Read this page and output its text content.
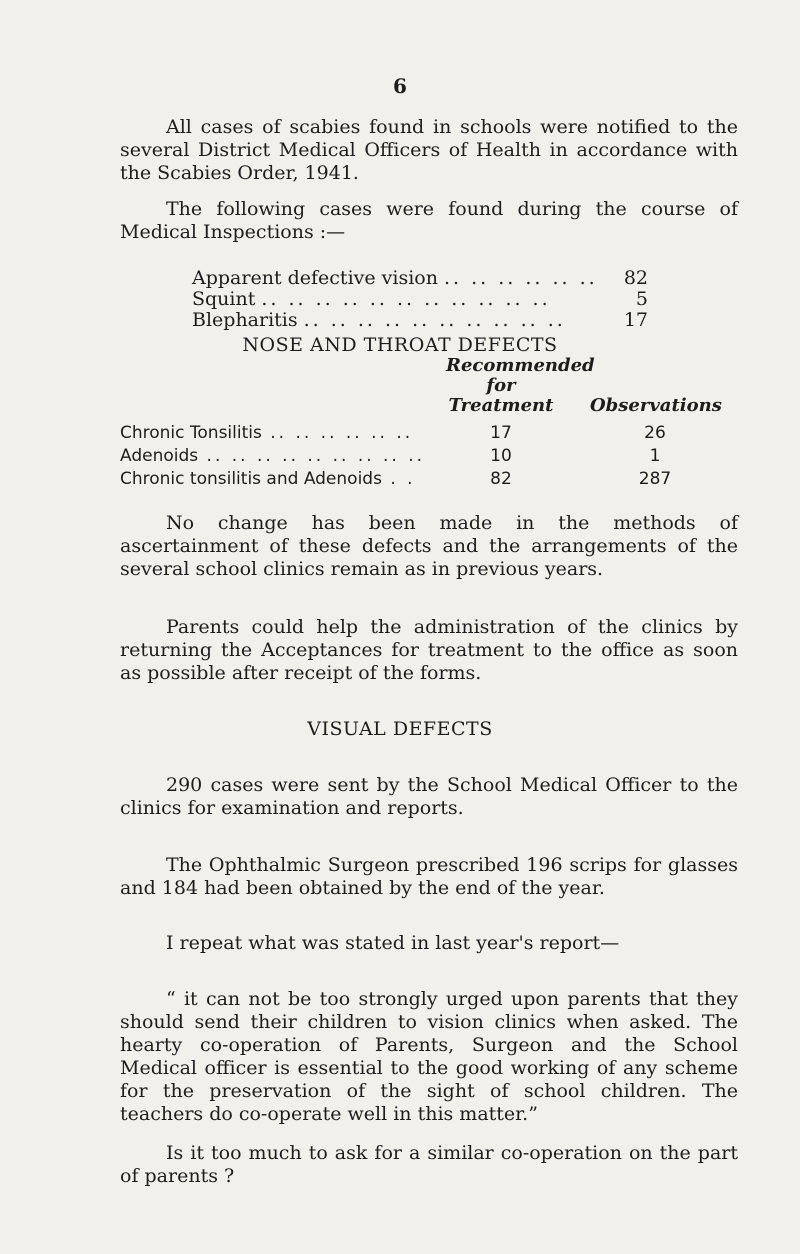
6

All cases of scabies found in schools were notified to the several District Medical Officers of Health in accordance with the Scabies Order, 1941.

The following cases were found during the course of Medical Inspections :—

Apparent defective vision .. .. .. .. .. ..	82
Squint .. .. .. .. .. .. .. .. .. .. ..	5
Blepharitis .. .. .. .. .. .. .. .. .. ..	17
NOSE AND THROAT DEFECTS
Recommended
for
Treatment Observations
Chronic Tonsilitis .. .. .. .. .. ..	17	26
Adenoids .. .. .. .. .. .. .. .. ..	10	1
Chronic tonsilitis and Adenoids . .	82	287

No change has been made in the methods of ascertainment of these defects and the arrangements of the several school clinics remain as in previous years.

Parents could help the administration of the clinics by returning the Acceptances for treatment to the office as soon as possible after receipt of the forms.

VISUAL DEFECTS

290 cases were sent by the School Medical Officer to the clinics for examination and reports.

The Ophthalmic Surgeon prescribed 196 scrips for glasses and 184 had been obtained by the end of the year.

I repeat what was stated in last year's report—

“ it can not be too strongly urged upon parents that they should send their children to vision clinics when asked. The hearty co-operation of Parents, Surgeon and the School Medical officer is essential to the good working of any scheme for the preservation of the sight of school children. The teachers do co-operate well in this matter.”

Is it too much to ask for a similar co-operation on the part of parents ?
